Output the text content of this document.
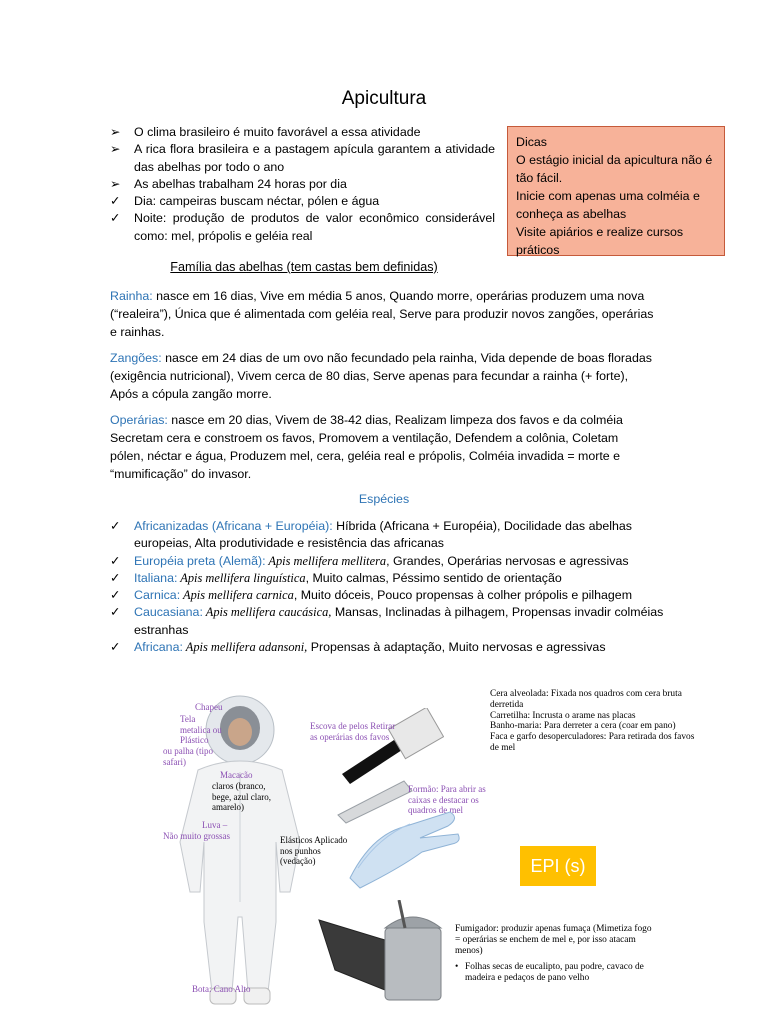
Apicultura
➢	O clima brasileiro é muito favorável a essa atividade
➢	A rica flora brasileira e a pastagem apícula garantem a atividade das abelhas por todo o ano
➢	As abelhas trabalham 24 horas por dia
✓	Dia: campeiras buscam néctar, pólen e água
✓	Noite: produção de produtos de valor econômico considerável como: mel, própolis e geléia real
Dicas
O estágio inicial da apicultura não é tão fácil.
Inicie com apenas uma colméia e conheça as abelhas
Visite apiários e realize cursos práticos
Família das abelhas (tem castas bem definidas)
Rainha: nasce em 16 dias, Vive em média 5 anos, Quando morre, operárias produzem uma nova (“realeira”), Única que é alimentada com geléia real, Serve para produzir novos zangões, operárias e rainhas.
Zangões: nasce em 24 dias de um ovo não fecundado pela rainha, Vida depende de boas floradas (exigência nutricional), Vivem cerca de 80 dias, Serve apenas para fecundar a rainha (+ forte), Após a cópula zangão morre.
Operárias: nasce em 20 dias, Vivem de 38-42 dias, Realizam limpeza dos favos e da colméia Secretam cera e constroem os favos, Promovem a ventilação, Defendem a colônia, Coletam pólen, néctar e água, Produzem mel, cera, geléia real e própolis, Colméia invadida = morte e “mumificação” do invasor.
Espécies
✓	Africanizadas (Africana + Européia): Híbrida (Africana + Européia), Docilidade das abelhas europeias, Alta produtividade e resistência das africanas
✓	Européia preta (Alemã): Apis mellifera mellitera, Grandes, Operárias nervosas e agressivas
✓	Italiana: Apis mellifera linguística, Muito calmas, Péssimo sentido de orientação
✓	Carnica: Apis mellifera carnica, Muito dóceis, Pouco propensas à colher própolis e pilhagem
✓	Caucasiana: Apis mellifera caucásica, Mansas, Inclinadas à pilhagem, Propensas invadir colméias estranhas
✓	Africana: Apis mellifera adansoni, Propensas à adaptação, Muito nervosas e agressivas
Chapeu
Tela metalica ou Plástico
ou palha (tipo safari)
Macacão
claros (branco, bege, azul claro, amarelo)
Luva –
Não muito grossas	Elásticos Aplicado nos punhos (vedação)
Bota: Cano Alto
Escova de pelos Retirar as operárias dos favos
Formão: Para abrir as caixas e destacar os quadros de mel
EPI (s)
Fumigador: produzir apenas fumaça (Mimetiza fogo = operárias se enchem de mel e, por isso atacam menos)
• Folhas secas de eucalipto, pau podre, cavaco de madeira e pedaços de pano velho
Cera alveolada: Fixada nos quadros com cera bruta derretida
Carretilha: Incrusta o arame nas placas
Banho-maria: Para derreter a cera (coar em pano)
Faca e garfo desoperculadores: Para retirada dos favos de mel
